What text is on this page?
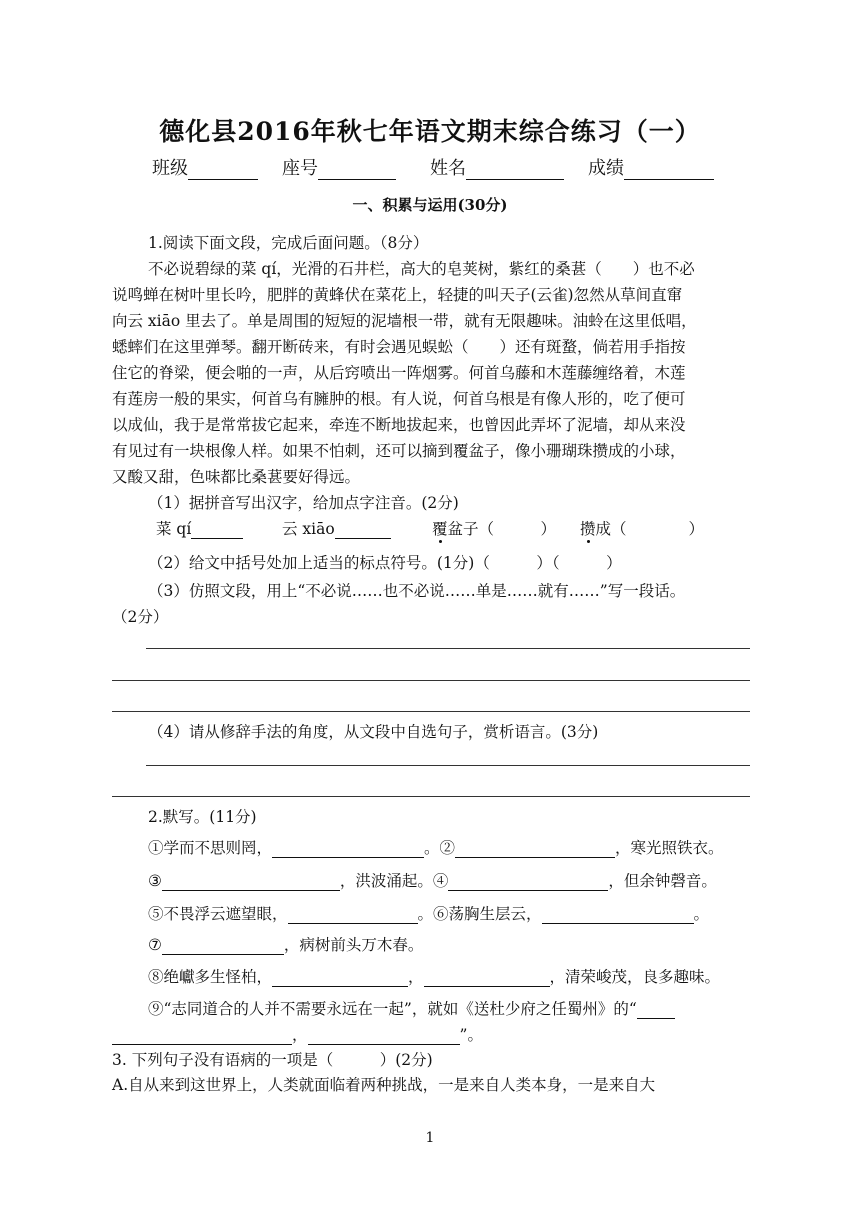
德化县2016年秋七年语文期末综合练习（一）
班级	座号	姓名	成绩
一、积累与运用(30分)
1.阅读下面文段，完成后面问题。（8分）
不必说碧绿的菜 qí，光滑的石井栏，高大的皂荚树，紫红的桑葚（　　）也不必
说鸣蝉在树叶里长吟，肥胖的黄蜂伏在菜花上，轻捷的叫天子(云雀)忽然从草间直窜
向云 xiāo 里去了。单是周围的短短的泥墙根一带，就有无限趣味。油蛉在这里低唱，
蟋蟀们在这里弹琴。翻开断砖来，有时会遇见蜈蚣（　　）还有斑蝥，倘若用手指按
住它的脊梁，便会啪的一声，从后窍喷出一阵烟雾。何首乌藤和木莲藤缠络着，木莲
有莲房一般的果实，何首乌有臃肿的根。有人说，何首乌根是有像人形的，吃了便可
以成仙，我于是常常拔它起来，牵连不断地拔起来，也曾因此弄坏了泥墙，却从来没
有见过有一块根像人样。如果不怕刺，还可以摘到覆盆子，像小珊瑚珠攒成的小球，
又酸又甜，色味都比桑葚要好得远。
（1）据拼音写出汉字，给加点字注音。(2分)
菜 qí	云 xiāo	覆盆子（　　　）	攒成（　　　　）
（2）给文中括号处加上适当的标点符号。(1分)（　　　）（　　　）
（3）仿照文段，用上“不必说……也不必说……单是……就有……”写一段话。
（2分）
（4）请从修辞手法的角度，从文段中自选句子，赏析语言。(3分)
2.默写。(11分)
①学而不思则罔，	。②	，寒光照铁衣。
③	，洪波涌起。④	，但余钟磬音。
⑤不畏浮云遮望眼，	。⑥荡胸生层云，	。
⑦	，病树前头万木春。
⑧绝巘多生怪柏，	，	，清荣峻茂，良多趣味。
⑨“志同道合的人并不需要永远在一起”，就如《送杜少府之任蜀州》的“
，	”。
3. 下列句子没有语病的一项是（　　　）(2分)
A.自从来到这世界上，人类就面临着两种挑战，一是来自人类本身，一是来自大
1
